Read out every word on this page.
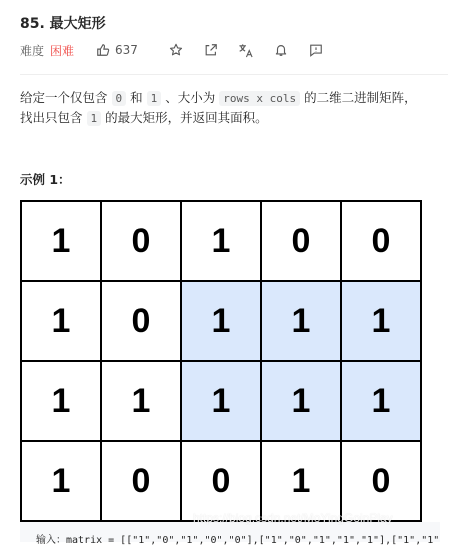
85. 最大矩形
难度 困难	637
给定一个仅包含 0 和 1 、大小为 rows x cols 的二维二进制矩阵，
找出只包含 1 的最大矩形，并返回其面积。
示例 1：
1	0	1	0	0
1	0	1	1	1
1	1	1	1	1
1	0	0	1	0
输入：matrix = [["1","0","1","0","0"],["1","0","1","1","1"],["1","1"
https://blog.csdn.net/MoYingGoinPlay
